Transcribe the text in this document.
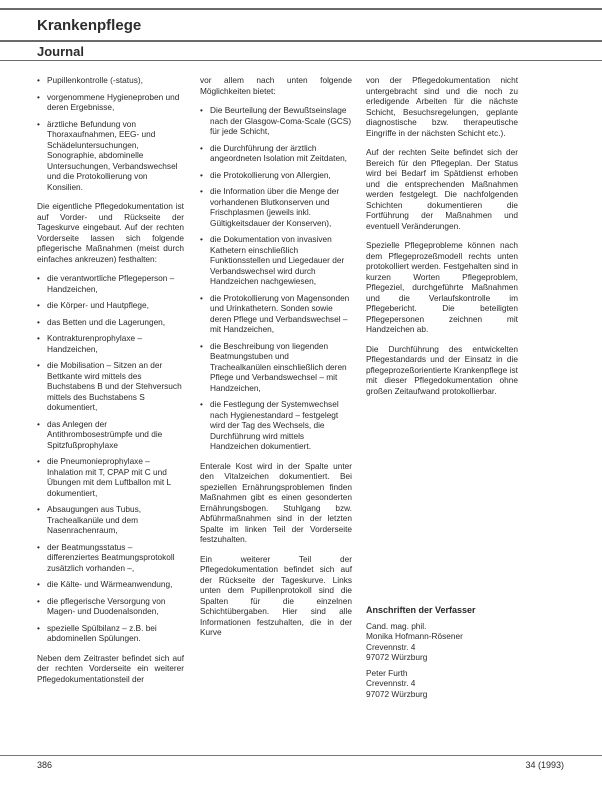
Krankenpflege
Journal
• Pupillenkontrolle (-status),
• vorgenommene Hygieneproben und deren Ergebnisse,
• ärztliche Befundung von Thoraxaufnahmen, EEG- und Schädeluntersuchungen, Sonographie, abdominelle Untersuchungen, Verbandswechsel und die Protokollierung von Konsilien.

Die eigentliche Pflegedokumentation ist auf Vorder- und Rückseite der Tageskurve eingebaut. Auf der rechten Vorderseite lassen sich folgende pflegerische Maßnahmen (meist durch einfaches ankreuzen) festhalten:

• die verantwortliche Pflegeperson – Handzeichen,
• die Körper- und Hautpflege,
• das Betten und die Lagerungen,
• Kontrakturenprophylaxe – Handzeichen,
• die Mobilisation – Sitzen an der Bettkante wird mittels des Buchstabens B und der Stehversuch mittels des Buchstabens S dokumentiert,
• das Anlegen der Antithrombosestrümpfe und die Spitzfußprophylaxe
• die Pneumonieprophylaxe – Inhalation mit T, CPAP mit C und Übungen mit dem Luftballon mit L dokumentiert,
• Absaugungen aus Tubus, Trachealkanüle und dem Nasenrachenraum,
• der Beatmungsstatus – differenziertes Beatmungsprotokoll zusätzlich vorhanden –,
• die Kälte- und Wärmeanwendung,
• die pflegerische Versorgung von Magen- und Duodenalsonden,
• spezielle Spülbilanz – z.B. bei abdominellen Spülungen.

Neben dem Zeitraster befindet sich auf der rechten Vorderseite ein weiterer Pflegedokumentationsteil der

vor allem nach unten folgende Möglichkeiten bietet:

• Die Beurteilung der Bewußtseinslage nach der Glasgow-Coma-Scale (GCS) für jede Schicht,
• die Durchführung der ärztlich angeordneten Isolation mit Zeitdaten,
• die Protokollierung von Allergien,
• die Information über die Menge der vorhandenen Blutkonserven und Frischplasmen (jeweils inkl. Gültigkeitsdauer der Konserven),
• die Dokumentation von invasiven Kathetern einschließlich Funktionsstellen und Liegedauer der Verbandswechsel wird durch Handzeichen nachgewiesen,
• die Protokollierung von Magensonden und Urinkathetern. Sonden sowie deren Pflege und Verbandswechsel – mit Handzeichen,
• die Beschreibung von liegenden Beatmungstuben und Trachealkanülen einschließlich deren Pflege und Verbandswechsel – mit Handzeichen,
• die Festlegung der Systemwechsel nach Hygienestandard – festgelegt wird der Tag des Wechsels, die Durchführung wird mittels Handzeichen dokumentiert.

Enterale Kost wird in der Spalte unter den Vitalzeichen dokumentiert. Bei speziellen Ernährungsproblemen finden Maßnahmen gibt es einen gesonderten Ernährungsbogen. Stuhlgang bzw. Abführmaßnahmen sind in der letzten Spalte im linken Teil der Vorderseite festzuhalten.

Ein weiterer Teil der Pflegedokumentation befindet sich auf der Rückseite der Tageskurve. Links unten dem Pupillenprotokoll sind die Spalten für die einzelnen Schichtübergaben. Hier sind alle Informationen festzuhalten, die in der Kurve

von der Pflegedokumentation nicht untergebracht sind und die noch zu erledigende Arbeiten für die nächste Schicht, Besuchsregelungen, geplante diagnostische bzw. therapeutische Eingriffe in der nächsten Schicht etc.).

Auf der rechten Seite befindet sich der Bereich für den Pflegeplan. Der Status wird bei Bedarf im Spätdienst erhoben und die entsprechenden Maßnahmen werden festgelegt. Die nachfolgenden Schichten dokumentieren die Fortführung der Maßnahmen und eventuell Veränderungen.

Spezielle Pflegeprobleme können nach dem Pflegeprozeßmodell rechts unten protokolliert werden. Festgehalten sind in kurzen Worten Pflegeproblem, Pflegeziel, durchgeführte Maßnahmen und die Verlaufskontrolle im Pflegebericht. Die beteiligten Pflegepersonen zeichnen mit Handzeichen ab.

Die Durchführung des entwickelten Pflegestandards und der Einsatz in die pflegeprozeßorientierte Krankenpflege ist mit dieser Pflegedokumentation ohne großen Zeitaufwand protokollierbar.

Anschriften der Verfasser
Cand. mag. phil.
Monika Hofmann-Rösener
Crevennstr. 4
97072 Würzburg
Peter Furth
Crevennstr. 4
97072 Würzburg
386	34 (1993)
